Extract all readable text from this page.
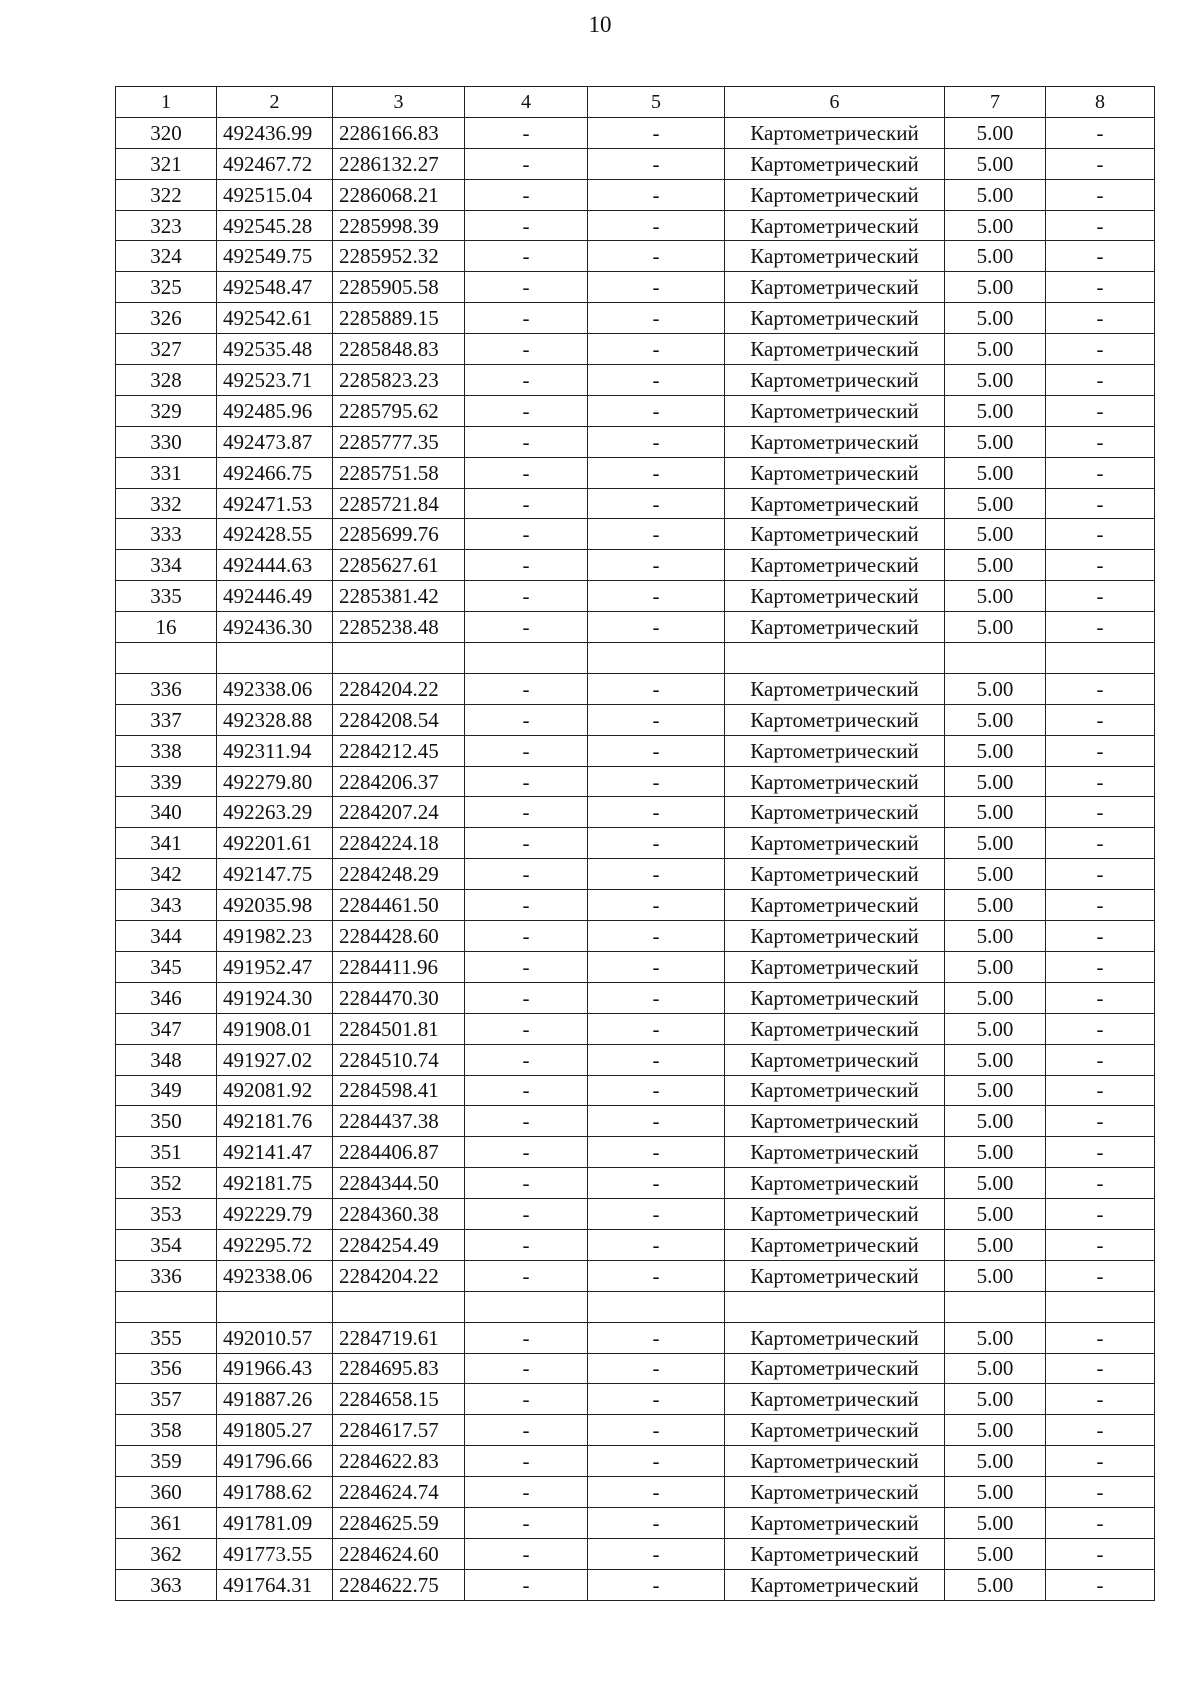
10
1	2	3	4	5	6	7	8
320	492436.99	2286166.83	-	-	Картометрический	5.00	-
321	492467.72	2286132.27	-	-	Картометрический	5.00	-
322	492515.04	2286068.21	-	-	Картометрический	5.00	-
323	492545.28	2285998.39	-	-	Картометрический	5.00	-
324	492549.75	2285952.32	-	-	Картометрический	5.00	-
325	492548.47	2285905.58	-	-	Картометрический	5.00	-
326	492542.61	2285889.15	-	-	Картометрический	5.00	-
327	492535.48	2285848.83	-	-	Картометрический	5.00	-
328	492523.71	2285823.23	-	-	Картометрический	5.00	-
329	492485.96	2285795.62	-	-	Картометрический	5.00	-
330	492473.87	2285777.35	-	-	Картометрический	5.00	-
331	492466.75	2285751.58	-	-	Картометрический	5.00	-
332	492471.53	2285721.84	-	-	Картометрический	5.00	-
333	492428.55	2285699.76	-	-	Картометрический	5.00	-
334	492444.63	2285627.61	-	-	Картометрический	5.00	-
335	492446.49	2285381.42	-	-	Картометрический	5.00	-
16	492436.30	2285238.48	-	-	Картометрический	5.00	-

336	492338.06	2284204.22	-	-	Картометрический	5.00	-
337	492328.88	2284208.54	-	-	Картометрический	5.00	-
338	492311.94	2284212.45	-	-	Картометрический	5.00	-
339	492279.80	2284206.37	-	-	Картометрический	5.00	-
340	492263.29	2284207.24	-	-	Картометрический	5.00	-
341	492201.61	2284224.18	-	-	Картометрический	5.00	-
342	492147.75	2284248.29	-	-	Картометрический	5.00	-
343	492035.98	2284461.50	-	-	Картометрический	5.00	-
344	491982.23	2284428.60	-	-	Картометрический	5.00	-
345	491952.47	2284411.96	-	-	Картометрический	5.00	-
346	491924.30	2284470.30	-	-	Картометрический	5.00	-
347	491908.01	2284501.81	-	-	Картометрический	5.00	-
348	491927.02	2284510.74	-	-	Картометрический	5.00	-
349	492081.92	2284598.41	-	-	Картометрический	5.00	-
350	492181.76	2284437.38	-	-	Картометрический	5.00	-
351	492141.47	2284406.87	-	-	Картометрический	5.00	-
352	492181.75	2284344.50	-	-	Картометрический	5.00	-
353	492229.79	2284360.38	-	-	Картометрический	5.00	-
354	492295.72	2284254.49	-	-	Картометрический	5.00	-
336	492338.06	2284204.22	-	-	Картометрический	5.00	-

355	492010.57	2284719.61	-	-	Картометрический	5.00	-
356	491966.43	2284695.83	-	-	Картометрический	5.00	-
357	491887.26	2284658.15	-	-	Картометрический	5.00	-
358	491805.27	2284617.57	-	-	Картометрический	5.00	-
359	491796.66	2284622.83	-	-	Картометрический	5.00	-
360	491788.62	2284624.74	-	-	Картометрический	5.00	-
361	491781.09	2284625.59	-	-	Картометрический	5.00	-
362	491773.55	2284624.60	-	-	Картометрический	5.00	-
363	491764.31	2284622.75	-	-	Картометрический	5.00	-
